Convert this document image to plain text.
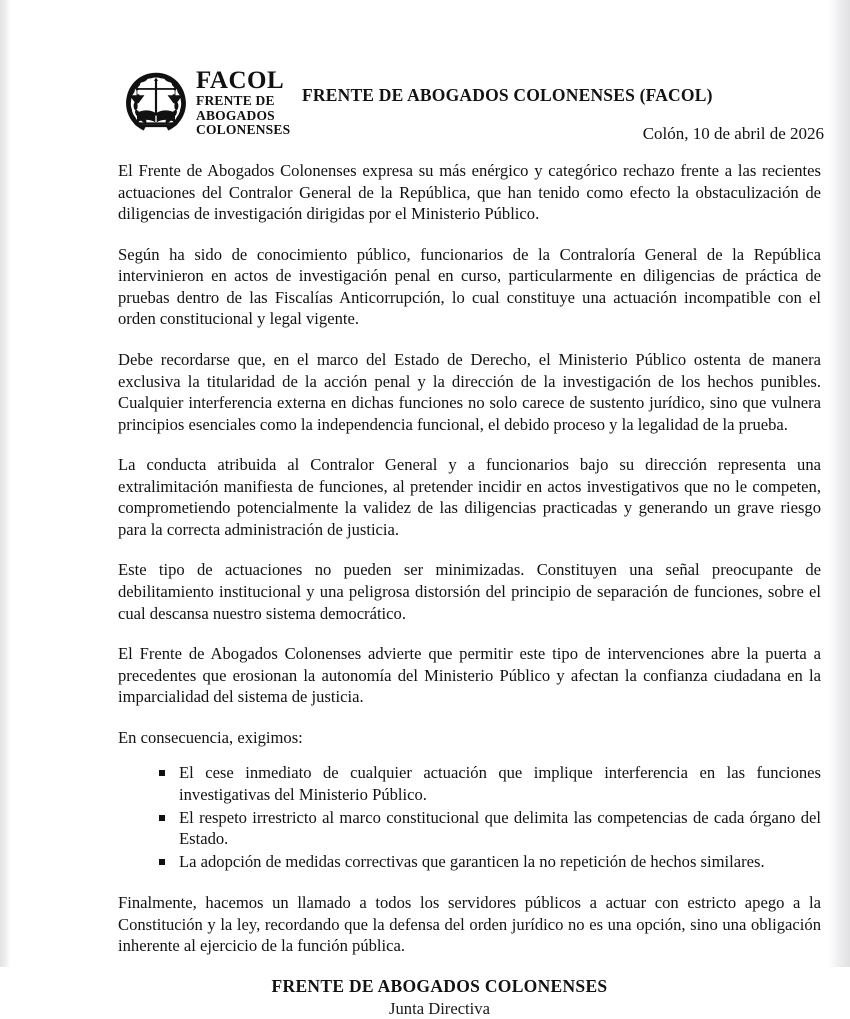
FACOL
FRENTE DE
ABOGADOS
COLONENSES
FRENTE DE ABOGADOS COLONENSES (FACOL)
Colón, 10 de abril de 2026

El Frente de Abogados Colonenses expresa su más enérgico y categórico rechazo frente a las recientes actuaciones del Contralor General de la República, que han tenido como efecto la obstaculización de diligencias de investigación dirigidas por el Ministerio Público.

Según ha sido de conocimiento público, funcionarios de la Contraloría General de la República intervinieron en actos de investigación penal en curso, particularmente en diligencias de práctica de pruebas dentro de las Fiscalías Anticorrupción, lo cual constituye una actuación incompatible con el orden constitucional y legal vigente.

Debe recordarse que, en el marco del Estado de Derecho, el Ministerio Público ostenta de manera exclusiva la titularidad de la acción penal y la dirección de la investigación de los hechos punibles. Cualquier interferencia externa en dichas funciones no solo carece de sustento jurídico, sino que vulnera principios esenciales como la independencia funcional, el debido proceso y la legalidad de la prueba.

La conducta atribuida al Contralor General y a funcionarios bajo su dirección representa una extralimitación manifiesta de funciones, al pretender incidir en actos investigativos que no le competen, comprometiendo potencialmente la validez de las diligencias practicadas y generando un grave riesgo para la correcta administración de justicia.

Este tipo de actuaciones no pueden ser minimizadas. Constituyen una señal preocupante de debilitamiento institucional y una peligrosa distorsión del principio de separación de funciones, sobre el cual descansa nuestro sistema democrático.

El Frente de Abogados Colonenses advierte que permitir este tipo de intervenciones abre la puerta a precedentes que erosionan la autonomía del Ministerio Público y afectan la confianza ciudadana en la imparcialidad del sistema de justicia.

En consecuencia, exigimos:

El cese inmediato de cualquier actuación que implique interferencia en las funciones investigativas del Ministerio Público.
El respeto irrestricto al marco constitucional que delimita las competencias de cada órgano del Estado.
La adopción de medidas correctivas que garanticen la no repetición de hechos similares.

Finalmente, hacemos un llamado a todos los servidores públicos a actuar con estricto apego a la Constitución y la ley, recordando que la defensa del orden jurídico no es una opción, sino una obligación inherente al ejercicio de la función pública.

FRENTE DE ABOGADOS COLONENSES
Junta Directiva
